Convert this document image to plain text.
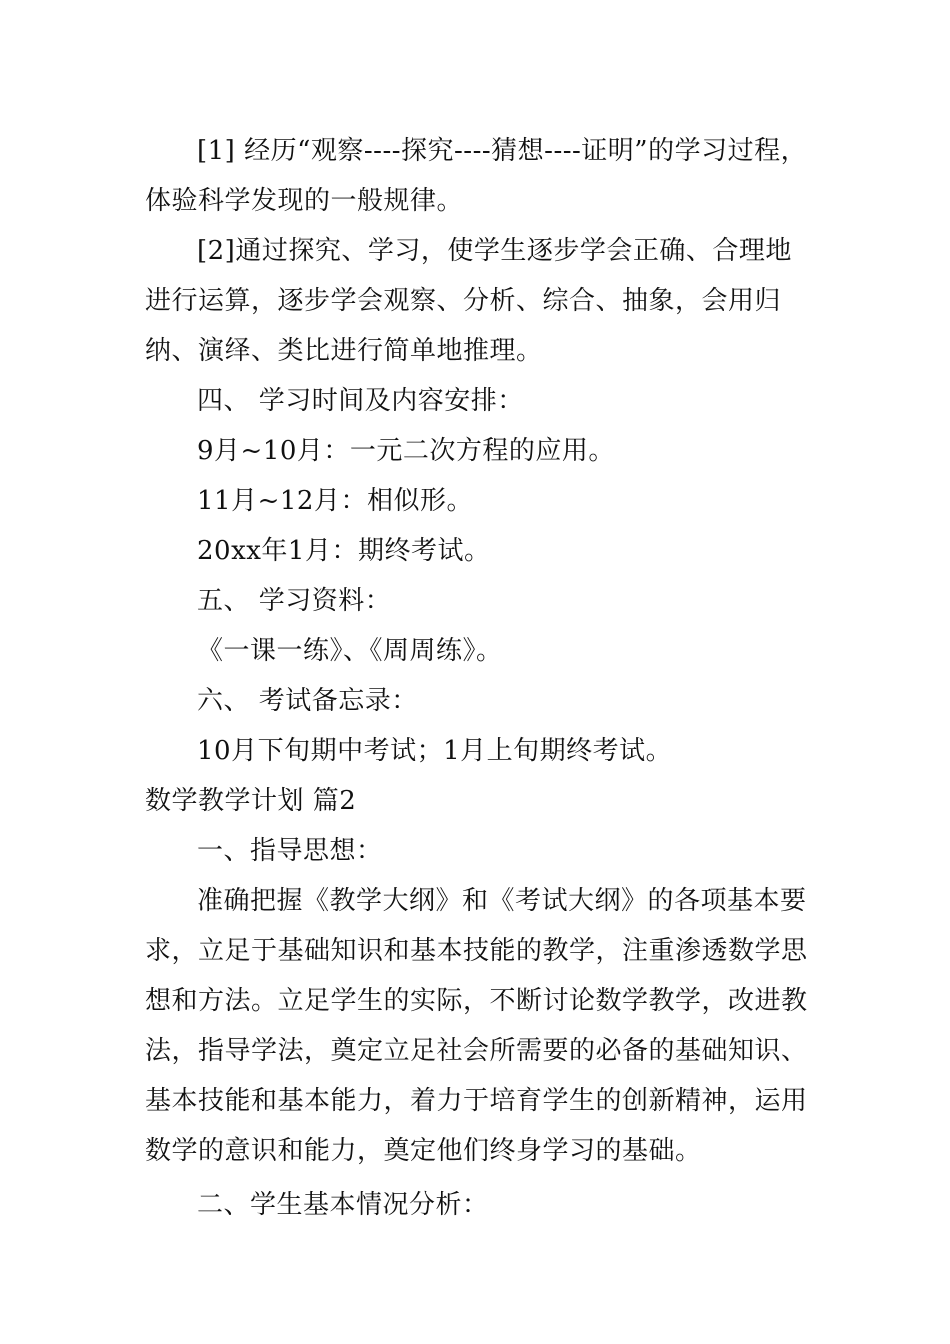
[1] 经历“观察----探究----猜想----证明”的学习过程，体验科学发现的一般规律。

[2]通过探究、学习，使学生逐步学会正确、合理地进行运算，逐步学会观察、分析、综合、抽象，会用归纳、演绎、类比进行简单地推理。

四、 学习时间及内容安排：

9月~10月：一元二次方程的应用。

11月~12月：相似形。

20xx年1月：期终考试。

五、 学习资料：

《一课一练》、《周周练》。

六、 考试备忘录：

10月下旬期中考试；1月上旬期终考试。

数学教学计划 篇2

一、指导思想：

准确把握《教学大纲》和《考试大纲》的各项基本要求，立足于基础知识和基本技能的教学，注重渗透数学思想和方法。立足学生的实际，不断讨论数学教学，改进教法，指导学法，奠定立足社会所需要的必备的基础知识、基本技能和基本能力，着力于培育学生的创新精神，运用数学的意识和能力，奠定他们终身学习的基础。

二、学生基本情况分析：
